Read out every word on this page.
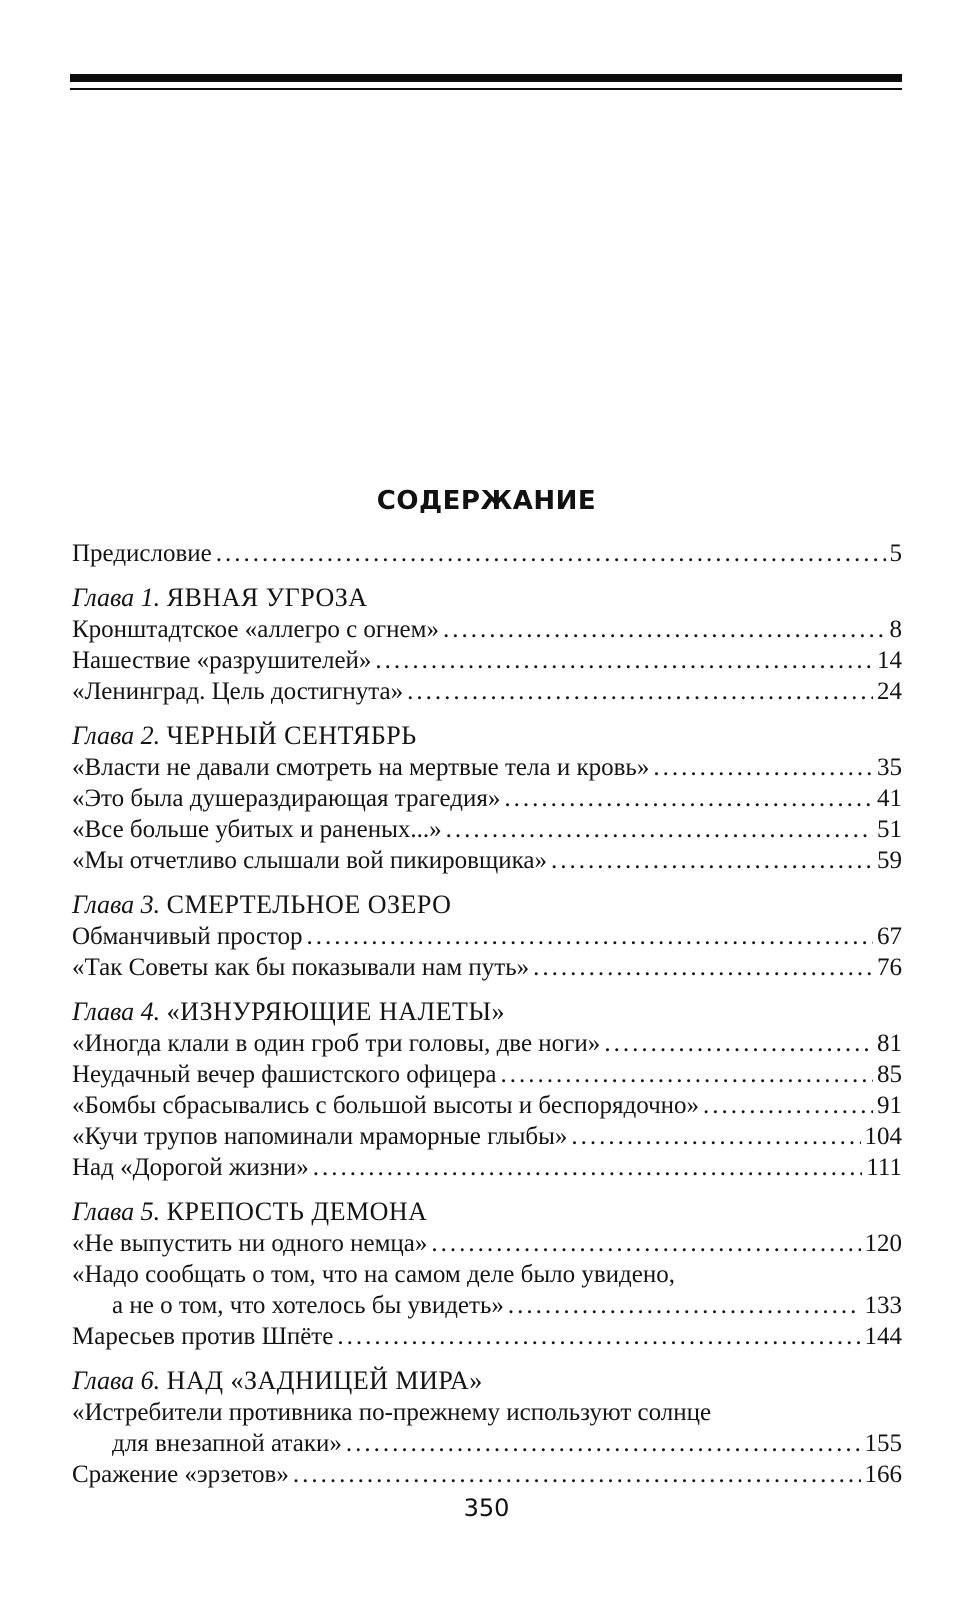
СОДЕРЖАНИЕ
Предисловие .....	5
Глава 1. ЯВНАЯ УГРОЗА
Кронштадтское «аллегро с огнем» .....	8
Нашествие «разрушителей» .....	14
«Ленинград. Цель достигнута» .....	24
Глава 2. ЧЕРНЫЙ СЕНТЯБРЬ
«Власти не давали смотреть на мертвые тела и кровь» .....	35
«Это была душераздирающая трагедия» .....	41
«Все больше убитых и раненых...» .....	51
«Мы отчетливо слышали вой пикировщика» .....	59
Глава 3. СМЕРТЕЛЬНОЕ ОЗЕРО
Обманчивый простор .....	67
«Так Советы как бы показывали нам путь» .....	76
Глава 4. «ИЗНУРЯЮЩИЕ НАЛЕТЫ»
«Иногда клали в один гроб три головы, две ноги» .....	81
Неудачный вечер фашистского офицера .....	85
«Бомбы сбрасывались с большой высоты и беспорядочно» .....	91
«Кучи трупов напоминали мраморные глыбы» .....	104
Над «Дорогой жизни» .....	111
Глава 5. КРЕПОСТЬ ДЕМОНА
«Не выпустить ни одного немца» .....	120
«Надо сообщать о том, что на самом деле было увидено,
а не о том, что хотелось бы увидеть» .....	133
Маресьев против Шпёте .....	144
Глава 6. НАД «ЗАДНИЦЕЙ МИРА»
«Истребители противника по-прежнему используют солнце
для внезапной атаки» .....	155
Сражение «эрзетов» .....	166
350
